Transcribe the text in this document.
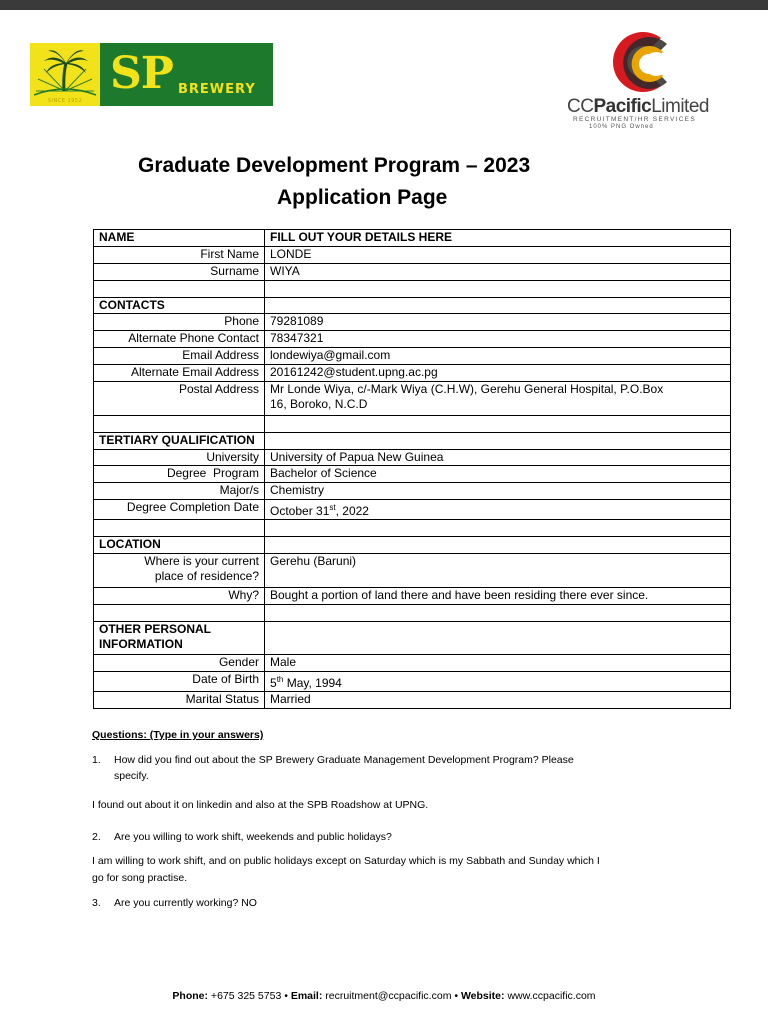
SINCE 1952
SP BREWERY
CCPacificLimited
RECRUITMENT/HR SERVICES
100% PNG Owned
Graduate Development Program – 2023
Application Page
NAME	FILL OUT YOUR DETAILS HERE
First Name	LONDE
Surname	WIYA

CONTACTS	
Phone	79281089
Alternate Phone Contact	78347321
Email Address	londewiya@gmail.com
Alternate Email Address	20161242@student.upng.ac.pg
Postal Address	Mr Londe Wiya, c/-Mark Wiya (C.H.W), Gerehu General Hospital, P.O.Box
16, Boroko, N.C.D

TERTIARY QUALIFICATION	
University	University of Papua New Guinea
Degree  Program	Bachelor of Science
Major/s	Chemistry
Degree Completion Date	October 31st, 2022

LOCATION	

Where is your current
place of residence?	Gerehu (Baruni)
Why?	Bought a portion of land there and have been residing there ever since.

OTHER PERSONAL
INFORMATION	

Gender	Male
Date of Birth	5th May, 1994
Marital Status	Married
Questions: (Type in your answers)
1. How did you find out about the SP Brewery Graduate Management Development Program? Please
specify.
I found out about it on linkedin and also at the SPB Roadshow at UPNG.
2. Are you willing to work shift, weekends and public holidays?
I am willing to work shift, and on public holidays except on Saturday which is my Sabbath and Sunday which I
go for song practise.
3. Are you currently working? NO
Phone: +675 325 5753 • Email: recruitment@ccpacific.com • Website: www.ccpacific.com
